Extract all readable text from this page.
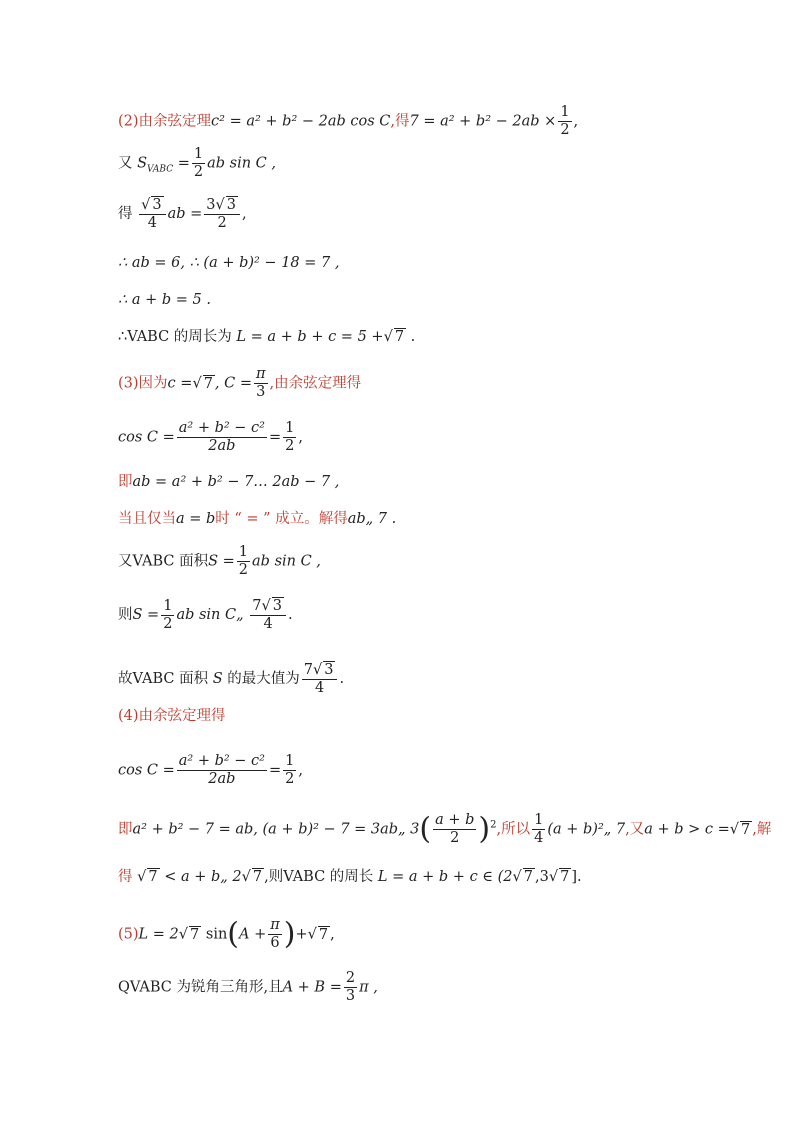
(2)由余弦定理c² = a² + b² − 2ab cos C,得$7 = a^2 + b^2 - 2ab \times \frac{1}{2}$ ,
又 $S_{VABC} = \frac{1}{2}$ ab sin C ,
得 $\frac{√ 3}{4}$ ab = $\frac{3√ 3}{2}$ ,
∴ ab = 6, ∴ (a + b)² − 18 = 7 ,
∴ a + b = 5 .
∴VABC 的周长为 L = a + b + c = 5 +√ 7 .
(3)因为c =√ 7 , $C = \frac{\pi}{3}$ ,由余弦定理得
$\cos C = \frac{\text{a² + b² − c²}}{2ab} = \frac{1}{2}$ ,
即ab = a² + b² − 7… 2ab − 7 ,
当且仅当a = b时 “ = ” 成立。解得ab„ 7 .
又VABC 面积$S = \frac{1}{2}$ ab sin C ,
则$S = \frac{1}{2}$ ab sin C„ $\frac{7√ 3}{4}$ .
故VABC 面积 S 的最大值为 $\frac{7√ 3}{4}$ .
(4)由余弦定理得
$\cos C = \frac{\text{a² + b² − c²}}{2ab} = \frac{1}{2}$ ,
即a² + b² − 7 = ab, (a + b)² − 7 = 3ab„ $3( \frac{a + b}{2} )^2$,所以 $\frac{1}{4} (a$ + b)²„ 7,又a + b > c =√ 7 ,解
得 √ 7 < a + b„ 2√ 7 ,则VABC 的周长 L = a + b + c ∈ (2√ 7 ,3√ 7 ].
(5)L = 2√ 7 $\sin(A + \frac{\pi}{6}$ )+√ 7 ,
QVABC 为锐角三角形,且$A + B = \frac{2}{3}$ π ,
